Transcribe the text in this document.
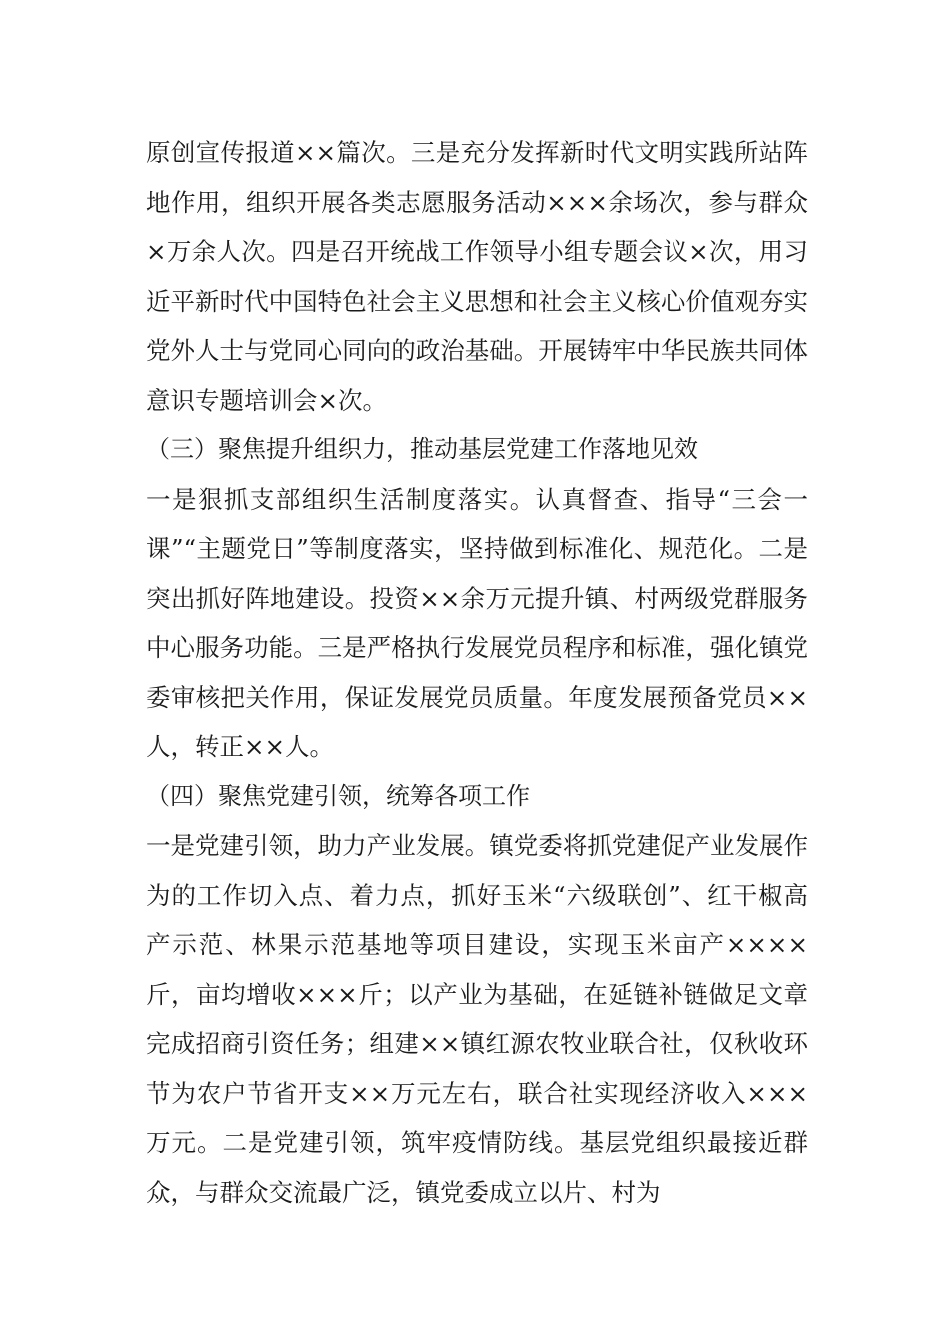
原创宣传报道××篇次。三是充分发挥新时代文明实践所站阵地作用，组织开展各类志愿服务活动×××余场次，参与群众×万余人次。四是召开统战工作领导小组专题会议×次，用习近平新时代中国特色社会主义思想和社会主义核心价值观夯实党外人士与党同心同向的政治基础。开展铸牢中华民族共同体意识专题培训会×次。

（三）聚焦提升组织力，推动基层党建工作落地见效

一是狠抓支部组织生活制度落实。认真督查、指导“三会一课”“主题党日”等制度落实，坚持做到标准化、规范化。二是突出抓好阵地建设。投资××余万元提升镇、村两级党群服务中心服务功能。三是严格执行发展党员程序和标准，强化镇党委审核把关作用，保证发展党员质量。年度发展预备党员××人，转正××人。

（四）聚焦党建引领，统筹各项工作

一是党建引领，助力产业发展。镇党委将抓党建促产业发展作为的工作切入点、着力点，抓好玉米“六级联创”、红干椒高产示范、林果示范基地等项目建设，实现玉米亩产××××斤，亩均增收×××斤；以产业为基础，在延链补链做足文章完成招商引资任务；组建××镇红源农牧业联合社，仅秋收环节为农户节省开支××万元左右，联合社实现经济收入×××万元。二是党建引领，筑牢疫情防线。基层党组织最接近群众，与群众交流最广泛，镇党委成立以片、村为
